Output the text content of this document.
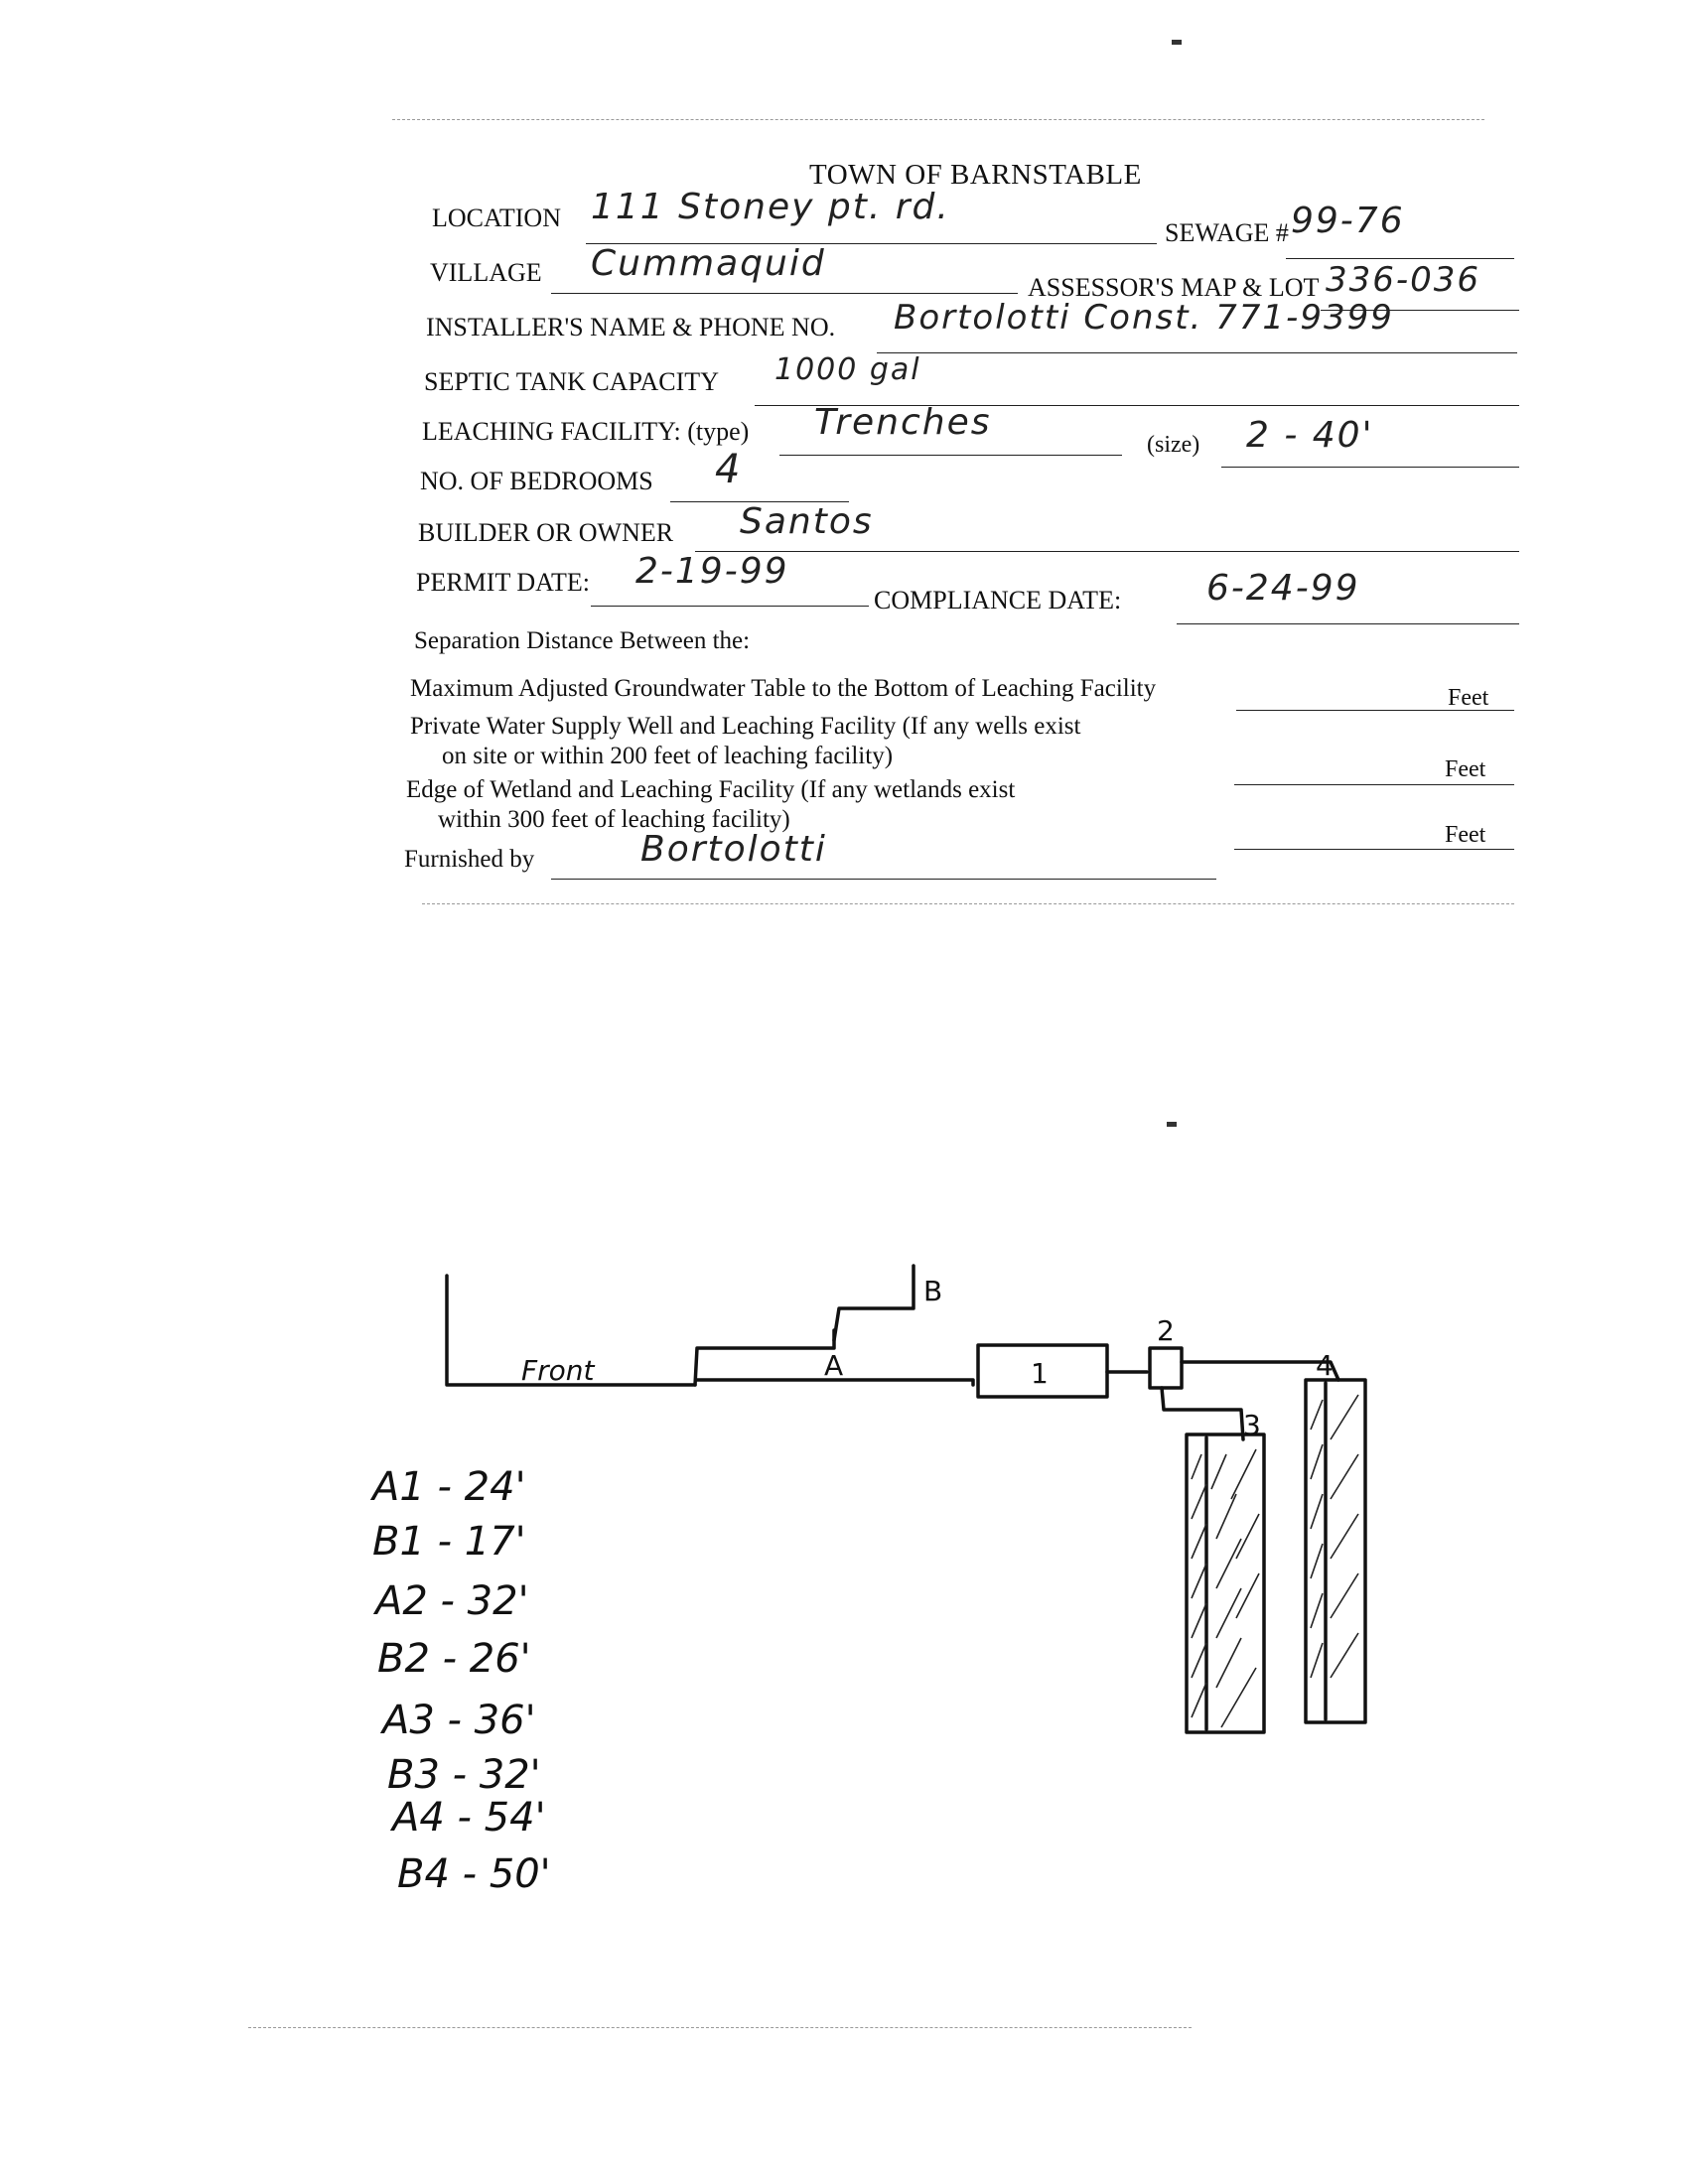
TOWN OF BARNSTABLE
LOCATION 111 Stoney pt. rd.
SEWAGE # 99-76
VILLAGE Cummaquid
ASSESSOR'S MAP & LOT 336-036
INSTALLER'S NAME & PHONE NO. Bortolotti Const. 771-9399
SEPTIC TANK CAPACITY 1000 gal
LEACHING FACILITY: (type) Trenches
(size) 2 - 40'
NO. OF BEDROOMS 4
BUILDER OR OWNER Santos
PERMIT DATE: 2-19-99
COMPLIANCE DATE: 6-24-99
Separation Distance Between the:
Maximum Adjusted Groundwater Table to the Bottom of Leaching Facility	Feet
Private Water Supply Well and Leaching Facility (If any wells exist
on site or within 200 feet of leaching facility)	Feet
Edge of Wetland and Leaching Facility (If any wetlands exist
within 300 feet of leaching facility)
Feet
Furnished by	Bortolotti
Front	A
B
1
2
3
4
A1 - 24'
B1 - 17'
A2 - 32'
B2 - 26'
A3 - 36'
B3 - 32'
A4 - 54'
B4 - 50'
